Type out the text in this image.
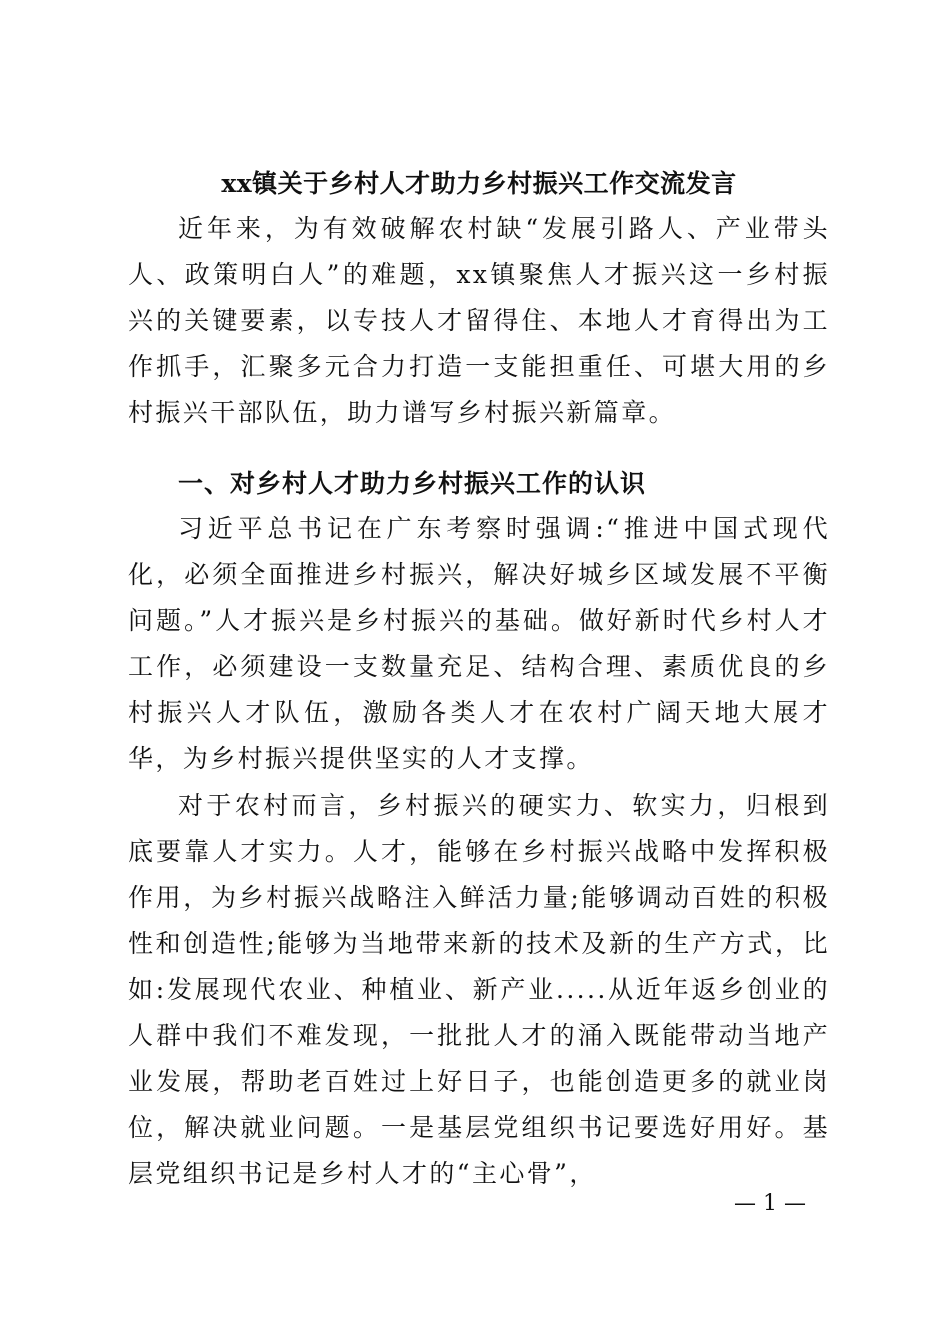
xx镇关于乡村人才助力乡村振兴工作交流发言

近年来，为有效破解农村缺“发展引路人、产业带头人、政策明白人”的难题，xx镇聚焦人才振兴这一乡村振兴的关键要素，以专技人才留得住、本地人才育得出为工作抓手，汇聚多元合力打造一支能担重任、可堪大用的乡村振兴干部队伍，助力谱写乡村振兴新篇章。

一、对乡村人才助力乡村振兴工作的认识

习近平总书记在广东考察时强调:“推进中国式现代化，必须全面推进乡村振兴，解决好城乡区域发展不平衡问题。”人才振兴是乡村振兴的基础。做好新时代乡村人才工作，必须建设一支数量充足、结构合理、素质优良的乡村振兴人才队伍，激励各类人才在农村广阔天地大展才华，为乡村振兴提供坚实的人才支撑。

对于农村而言，乡村振兴的硬实力、软实力，归根到底要靠人才实力。人才，能够在乡村振兴战略中发挥积极作用，为乡村振兴战略注入鲜活力量;能够调动百姓的积极性和创造性;能够为当地带来新的技术及新的生产方式，比如:发展现代农业、种植业、新产业.....从近年返乡创业的人群中我们不难发现，一批批人才的涌入既能带动当地产业发展，帮助老百姓过上好日子，也能创造更多的就业岗位，解决就业问题。一是基层党组织书记要选好用好。基层党组织书记是乡村人才的“主心骨”，

— 1 —
